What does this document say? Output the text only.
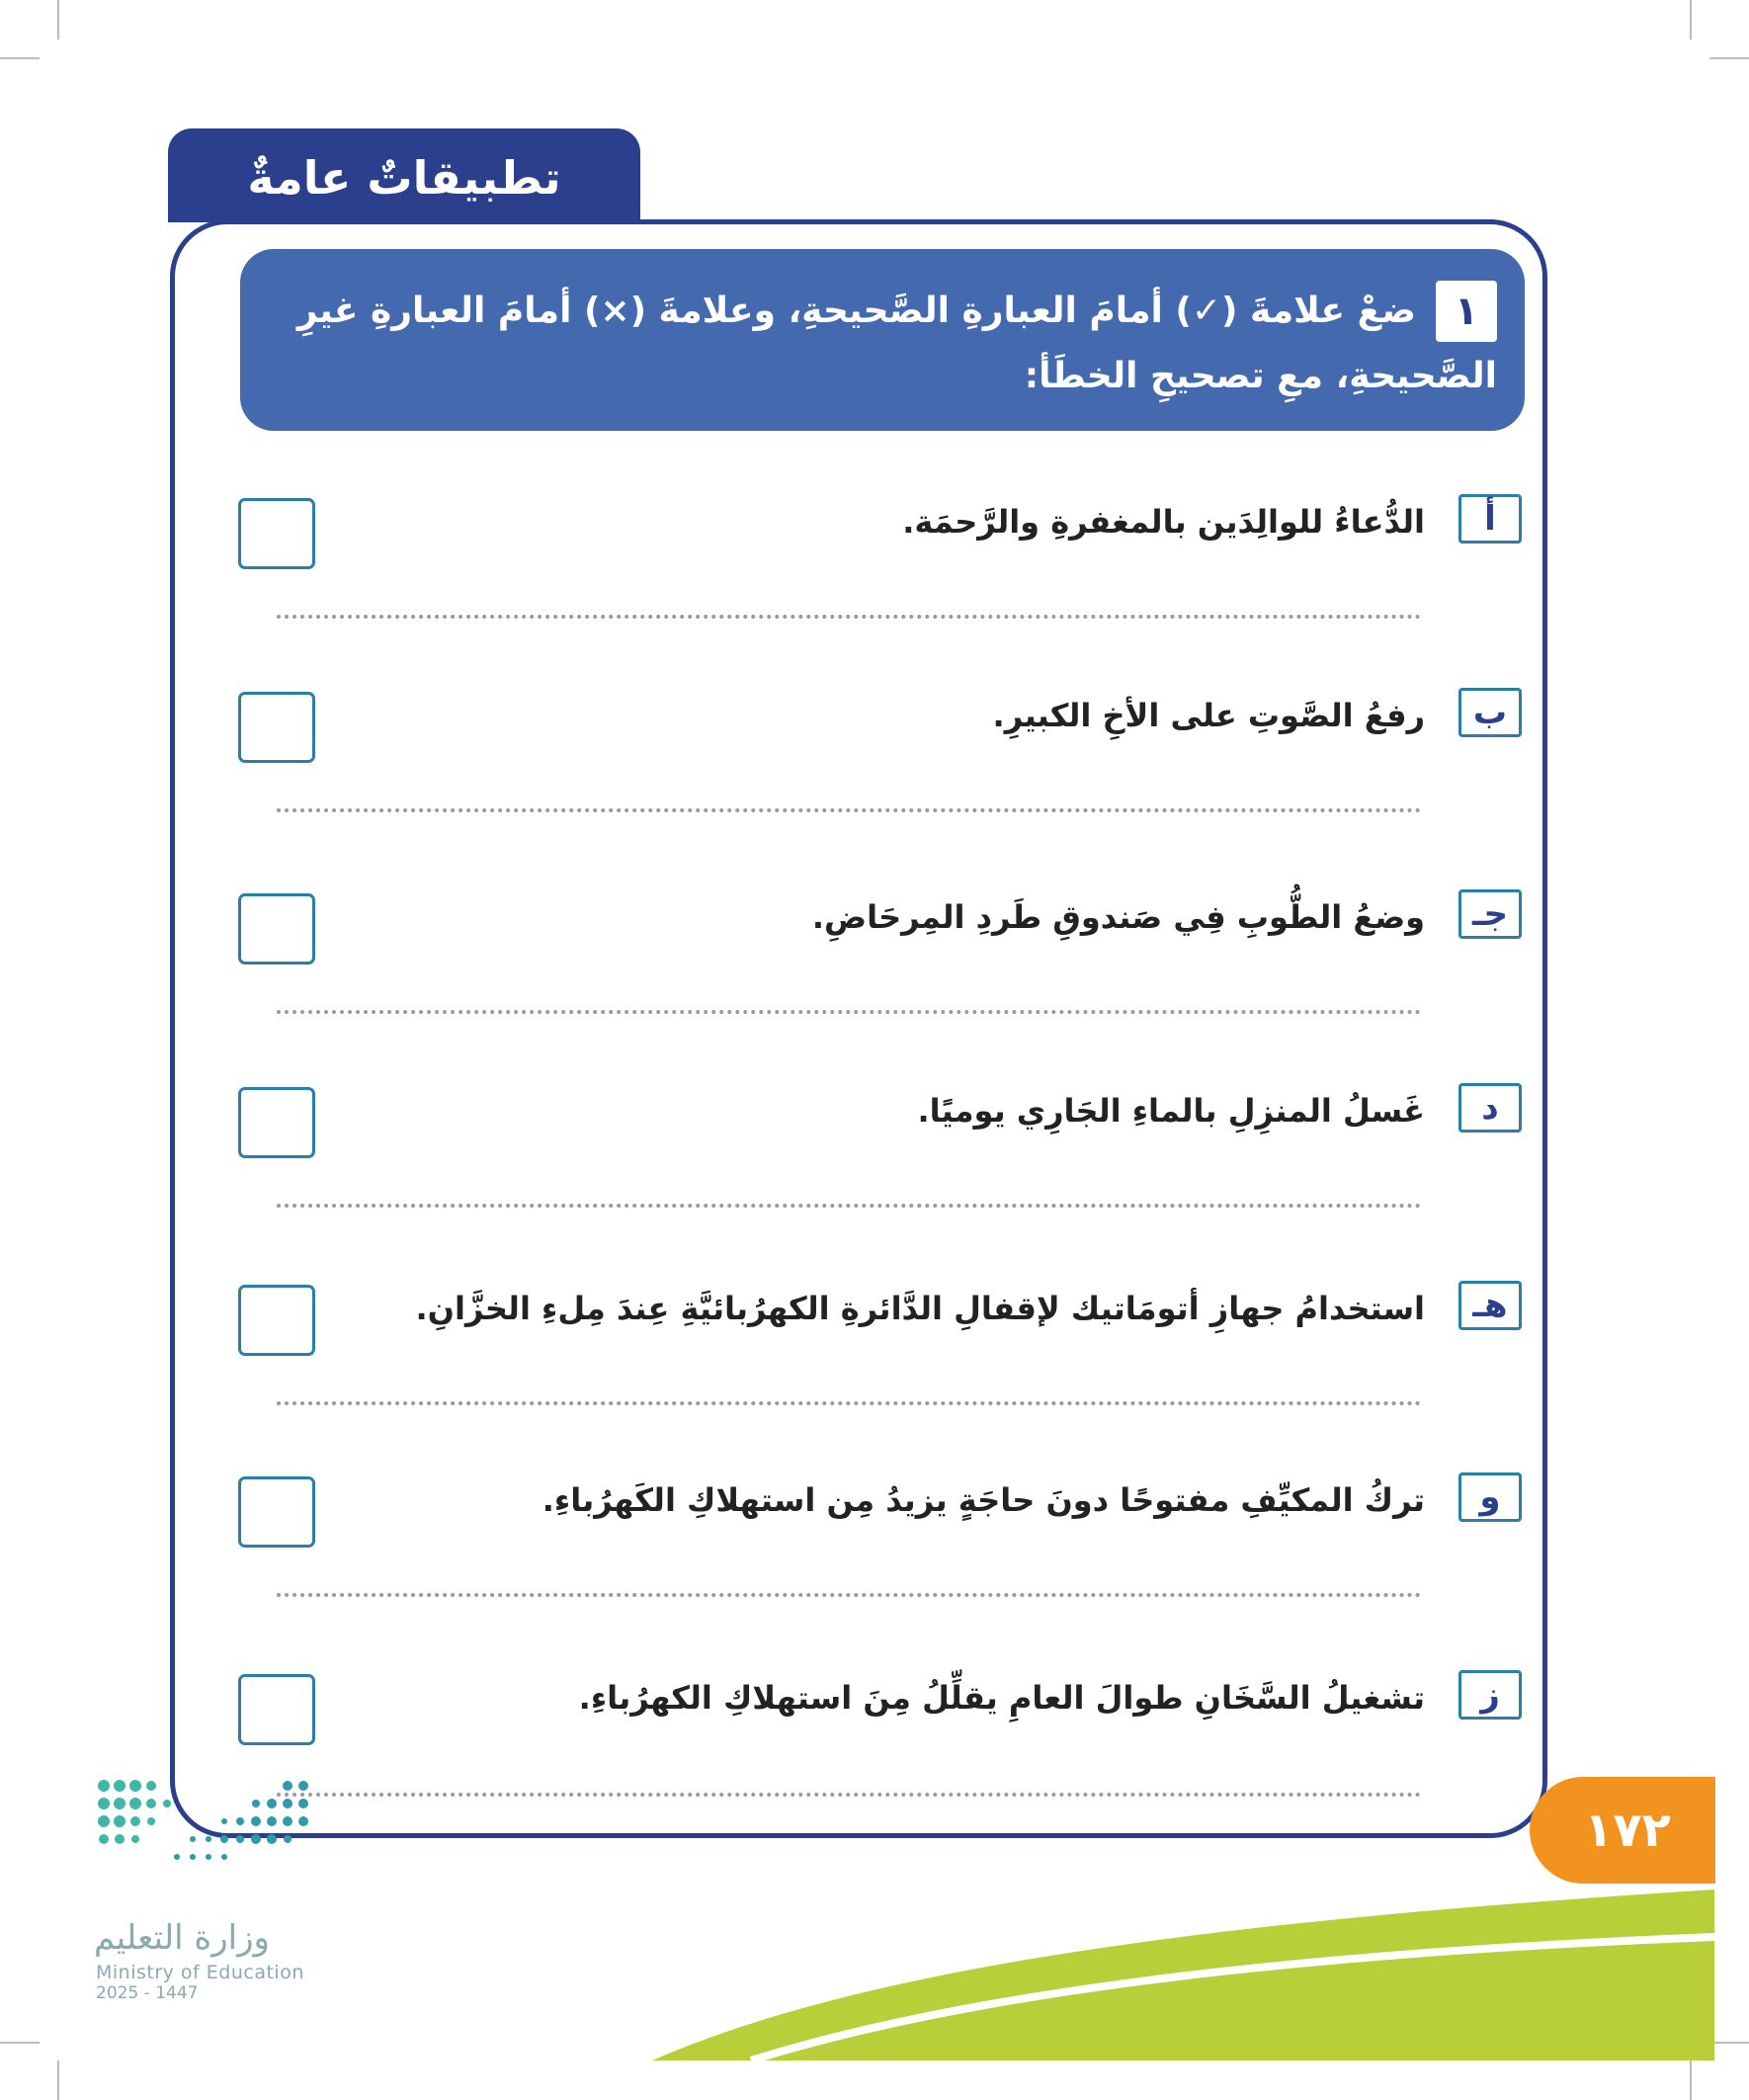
تطبيقاتٌ عامةٌ
١
ضعْ علامةَ (✓) أمامَ العبارةِ الصَّحيحةِ، وعلامةَ (×) أمامَ العبارةِ غيرِ
الصَّحيحةِ، معِ تصحيحِ الخطَأ:
أ
الدُّعاءُ للوالِدَين بالمغفرةِ والرَّحمَة.
ب
رفعُ الصَّوتِ على الأخِ الكبيرِ.
جـ
وضعُ الطُّوبِ فِي صَندوقِ طَردِ المِرحَاضِ.
د
غَسلُ المنزِلِ بالماءِ الجَارِي يوميًا.
هـ
استخدامُ جهازِ أتومَاتيك لإقفالِ الدَّائرةِ الكهرُبائيَّةِ عِندَ مِلءِ الخزَّانِ.
و
تركُ المكيِّفِ مفتوحًا دونَ حاجَةٍ يزيدُ مِن استهلاكِ الكَهرُباءِ.
ز
تشغيلُ السَّخَانِ طوالَ العامِ يقلِّلُ مِنَ استهلاكِ الكهرُباءِ.
١٧٢
وزارة التعليم
Ministry of Education
2025 - 1447
